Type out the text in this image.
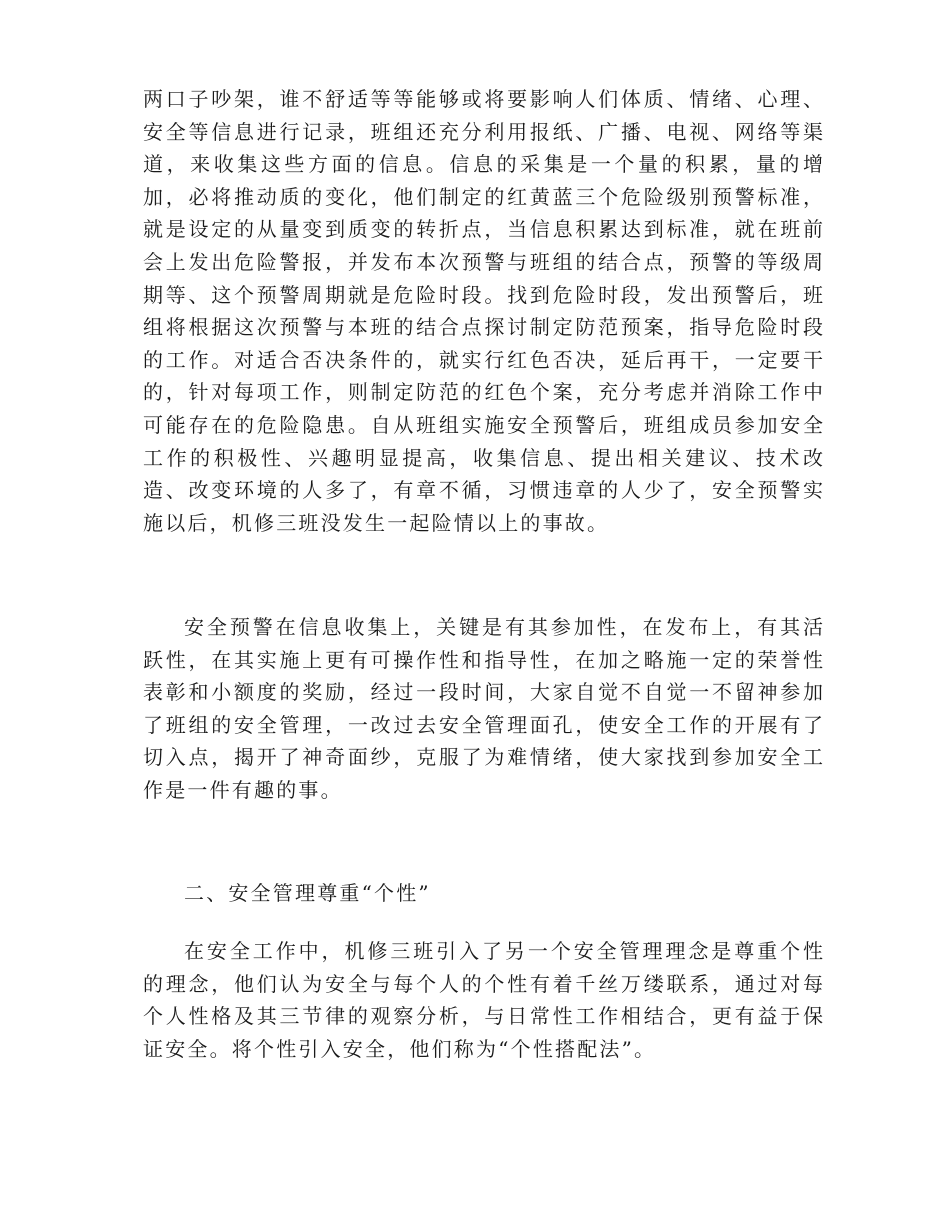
两口子吵架，谁不舒适等等能够或将要影响人们体质、情绪、心理、
安全等信息进行记录，班组还充分利用报纸、广播、电视、网络等渠
道，来收集这些方面的信息。信息的采集是一个量的积累，量的增
加，必将推动质的变化，他们制定的红黄蓝三个危险级别预警标准，
就是设定的从量变到质变的转折点，当信息积累达到标准，就在班前
会上发出危险警报，并发布本次预警与班组的结合点，预警的等级周
期等、这个预警周期就是危险时段。找到危险时段，发出预警后，班
组将根据这次预警与本班的结合点探讨制定防范预案，指导危险时段
的工作。对适合否决条件的，就实行红色否决，延后再干，一定要干
的，针对每项工作，则制定防范的红色个案，充分考虑并消除工作中
可能存在的危险隐患。自从班组实施安全预警后，班组成员参加安全
工作的积极性、兴趣明显提高，收集信息、提出相关建议、技术改
造、改变环境的人多了，有章不循，习惯违章的人少了，安全预警实
施以后，机修三班没发生一起险情以上的事故。
安全预警在信息收集上，关键是有其参加性，在发布上，有其活
跃性，在其实施上更有可操作性和指导性，在加之略施一定的荣誉性
表彰和小额度的奖励，经过一段时间，大家自觉不自觉一不留神参加
了班组的安全管理，一改过去安全管理面孔，使安全工作的开展有了
切入点，揭开了神奇面纱，克服了为难情绪，使大家找到参加安全工
作是一件有趣的事。
二、安全管理尊重“个性”
在安全工作中，机修三班引入了另一个安全管理理念是尊重个性
的理念，他们认为安全与每个人的个性有着千丝万缕联系，通过对每
个人性格及其三节律的观察分析，与日常性工作相结合，更有益于保
证安全。将个性引入安全，他们称为“个性搭配法”。
